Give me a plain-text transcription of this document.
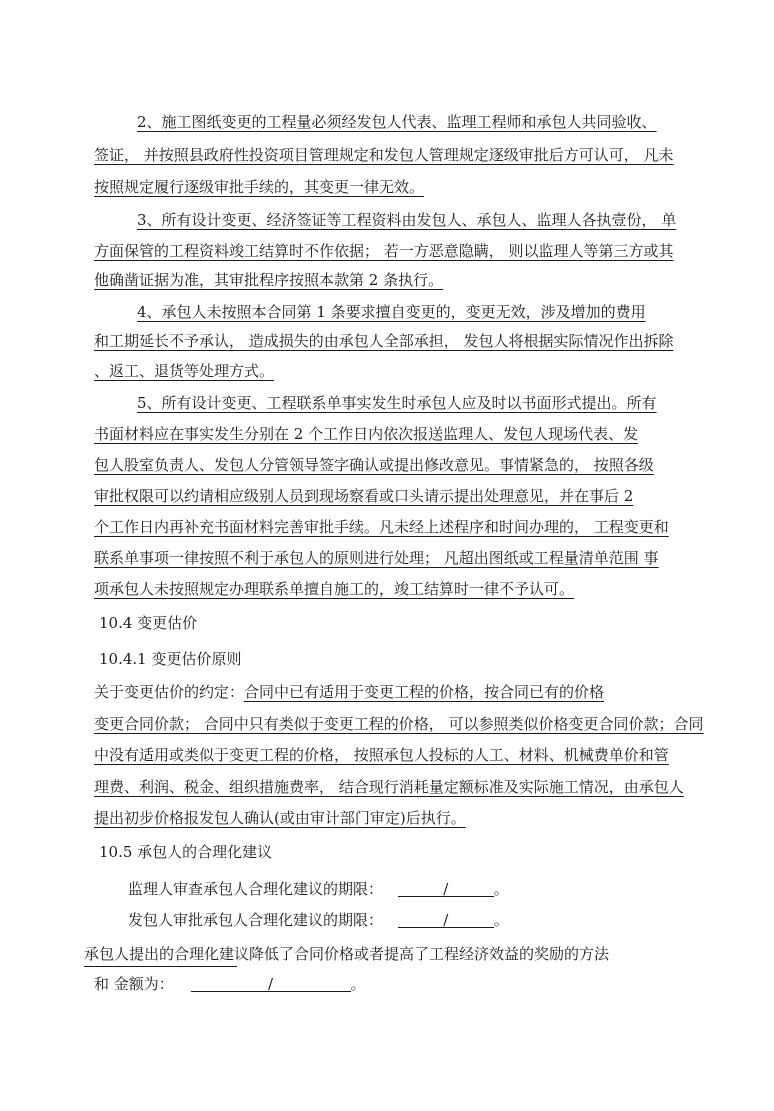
2、施工图纸变更的工程量必须经发包人代表、监理工程师和承包人共同验收、
签证， 并按照县政府性投资项目管理规定和发包人管理规定逐级审批后方可认可， 凡未
按照规定履行逐级审批手续的，其变更一律无效。
3、所有设计变更、经济签证等工程资料由发包人、承包人、监理人各执壹份， 单
方面保管的工程资料竣工结算时不作依据； 若一方恶意隐瞒， 则以监理人等第三方或其
他确凿证据为准，其审批程序按照本款第 2 条执行。
4、承包人未按照本合同第 1 条要求擅自变更的，变更无效，涉及增加的费用
和工期延长不予承认， 造成损失的由承包人全部承担， 发包人将根据实际情况作出拆除
、返工、退货等处理方式。
5、所有设计变更、工程联系单事实发生时承包人应及时以书面形式提出。所有
书面材料应在事实发生分别在 2 个工作日内依次报送监理人、发包人现场代表、发
包人股室负责人、发包人分管领导签字确认或提出修改意见。事情紧急的， 按照各级
审批权限可以约请相应级别人员到现场察看或口头请示提出处理意见，并在事后 2
个工作日内再补充书面材料完善审批手续。凡未经上述程序和时间办理的， 工程变更和
联系单事项一律按照不利于承包人的原则进行处理； 凡超出图纸或工程量清单范围 事
项承包人未按照规定办理联系单擅自施工的，竣工结算时一律不予认可。
10.4 变更估价
10.4.1 变更估价原则
关于变更估价的约定：合同中已有适用于变更工程的价格，按合同已有的价格
变更合同价款； 合同中只有类似于变更工程的价格， 可以参照类似价格变更合同价款；合同
中没有适用或类似于变更工程的价格， 按照承包人投标的人工、材料、机械费单价和管
理费、利润、税金、组织措施费率， 结合现行消耗量定额标准及实际施工情况，由承包人
提出初步价格报发包人确认(或由审计部门审定)后执行。
10.5 承包人的合理化建议
监理人审查承包人合理化建议的期限：	/	。
发包人审批承包人合理化建议的期限：	/	。
承包人提出的合理化建议降低了合同价格或者提高了工程经济效益的奖励的方法
和 金额为：	/	。
